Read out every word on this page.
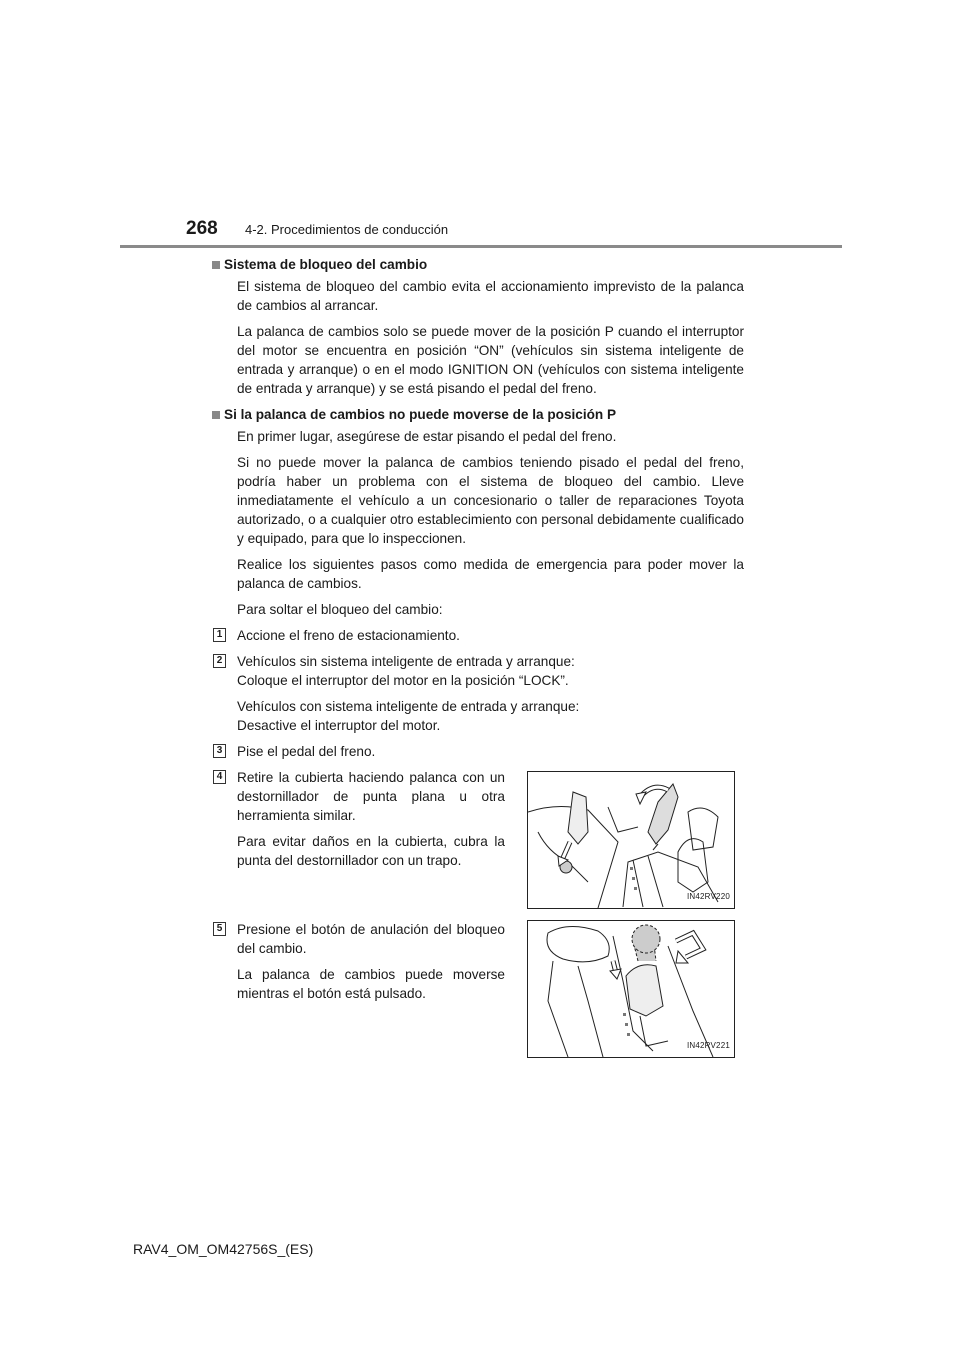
268 4-2. Procedimientos de conducción
Sistema de bloqueo del cambio

El sistema de bloqueo del cambio evita el accionamiento imprevisto de la palanca de cambios al arrancar.

La palanca de cambios solo se puede mover de la posición P cuando el interruptor del motor se encuentra en posición “ON” (vehículos sin sistema inteligente de entrada y arranque) o en el modo IGNITION ON (vehículos con sistema inteligente de entrada y arranque) y se está pisando el pedal del freno.

Si la palanca de cambios no puede moverse de la posición P

En primer lugar, asegúrese de estar pisando el pedal del freno.

Si no puede mover la palanca de cambios teniendo pisado el pedal del freno, podría haber un problema con el sistema de bloqueo del cambio. Lleve inmediatamente el vehículo a un concesionario o taller de reparaciones Toyota autorizado, o a cualquier otro establecimiento con personal debidamente cualificado y equipado, para que lo inspeccionen.

Realice los siguientes pasos como medida de emergencia para poder mover la palanca de cambios.

Para soltar el bloqueo del cambio:

1 Accione el freno de estacionamiento.

2 Vehículos sin sistema inteligente de entrada y arranque:
Coloque el interruptor del motor en la posición “LOCK”.

Vehículos con sistema inteligente de entrada y arranque:
Desactive el interruptor del motor.

3 Pise el pedal del freno.

4 Retire la cubierta haciendo palanca con un destornillador de punta plana u otra herramienta similar.

Para evitar daños en la cubierta, cubra la punta del destornillador con un trapo.

IN42RV220
5 Presione el botón de anulación del bloqueo del cambio.

La palanca de cambios puede moverse mientras el botón está pulsado.

IN42RV221
RAV4_OM_OM42756S_(ES)
